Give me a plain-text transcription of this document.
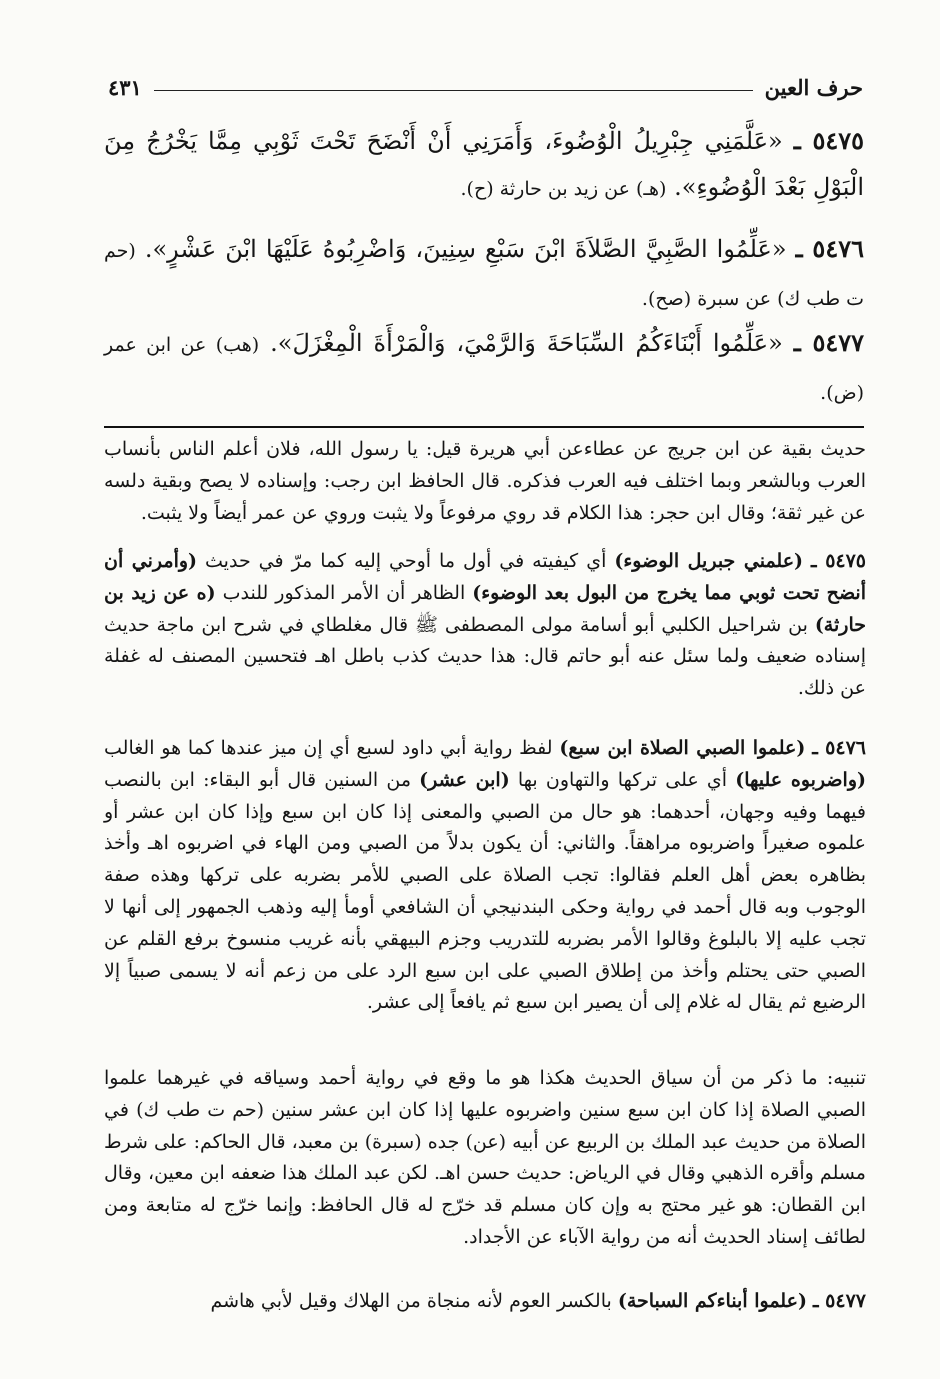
حرف العين
٤٣١

٥٤٧٥ ـ «عَلَّمَنِي جِبْرِيلُ الْوُضُوءَ، وَأَمَرَنِي أَنْ أَنْضَحَ تَحْتَ ثَوْبِي مِمَّا يَخْرُجُ مِنَ الْبَوْلِ بَعْدَ الْوُضُوءِ». (هـ) عن زيد بن حارثة (ح).

٥٤٧٦ ـ «عَلِّمُوا الصَّبِيَّ الصَّلاَةَ ابْنَ سَبْعِ سِنِينَ، وَاضْرِبُوهُ عَلَيْهَا ابْنَ عَشْرٍ». (حم ت طب ك) عن سبرة (صح).

٥٤٧٧ ـ «عَلِّمُوا أَبْنَاءَكُمُ السِّبَاحَةَ وَالرَّمْيَ، وَالْمَرْأَةَ الْمِغْزَلَ». (هب) عن ابن عمر (ض).

حديث بقية عن ابن جريج عن عطاءعن أبي هريرة قيل: يا رسول الله، فلان أعلم الناس بأنساب العرب وبالشعر وبما اختلف فيه العرب فذكره. قال الحافظ ابن رجب: وإسناده لا يصح وبقية دلسه عن غير ثقة؛ وقال ابن حجر: هذا الكلام قد روي مرفوعاً ولا يثبت وروي عن عمر أيضاً ولا يثبت.

٥٤٧٥ ـ (علمني جبريل الوضوء) أي كيفيته في أول ما أوحي إليه كما مرّ في حديث (وأمرني أن أنضح تحت ثوبي مما يخرج من البول بعد الوضوء) الظاهر أن الأمر المذكور للندب (ه عن زيد بن حارثة) بن شراحيل الكلبي أبو أسامة مولى المصطفى ﷺ قال مغلطاي في شرح ابن ماجة حديث إسناده ضعيف ولما سئل عنه أبو حاتم قال: هذا حديث كذب باطل اهـ فتحسين المصنف له غفلة عن ذلك.

٥٤٧٦ ـ (علموا الصبي الصلاة ابن سبع) لفظ رواية أبي داود لسبع أي إن ميز عندها كما هو الغالب (واضربوه عليها) أي على تركها والتهاون بها (ابن عشر) من السنين قال أبو البقاء: ابن بالنصب فيهما وفيه وجهان، أحدهما: هو حال من الصبي والمعنى إذا كان ابن سبع وإذا كان ابن عشر أو علموه صغيراً واضربوه مراهقاً. والثاني: أن يكون بدلاً من الصبي ومن الهاء في اضربوه اهـ وأخذ بظاهره بعض أهل العلم فقالوا: تجب الصلاة على الصبي للأمر بضربه على تركها وهذه صفة الوجوب وبه قال أحمد في رواية وحكى البندنيجي أن الشافعي أومأ إليه وذهب الجمهور إلى أنها لا تجب عليه إلا بالبلوغ وقالوا الأمر بضربه للتدريب وجزم البيهقي بأنه غريب منسوخ برفع القلم عن الصبي حتى يحتلم وأخذ من إطلاق الصبي على ابن سبع الرد على من زعم أنه لا يسمى صبياً إلا الرضيع ثم يقال له غلام إلى أن يصير ابن سبع ثم يافعاً إلى عشر.

تنبيه: ما ذكر من أن سياق الحديث هكذا هو ما وقع في رواية أحمد وسياقه في غيرهما علموا الصبي الصلاة إذا كان ابن سبع سنين واضربوه عليها إذا كان ابن عشر سنين (حم ت طب ك) في الصلاة من حديث عبد الملك بن الربيع عن أبيه (عن) جده (سبرة) بن معبد، قال الحاكم: على شرط مسلم وأقره الذهبي وقال في الرياض: حديث حسن اهـ. لكن عبد الملك هذا ضعفه ابن معين، وقال ابن القطان: هو غير محتج به وإن كان مسلم قد خرّج له قال الحافظ: وإنما خرّج له متابعة ومن لطائف إسناد الحديث أنه من رواية الآباء عن الأجداد.

٥٤٧٧ ـ (علموا أبناءكم السباحة) بالكسر العوم لأنه منجاة من الهلاك وقيل لأبي هاشم
